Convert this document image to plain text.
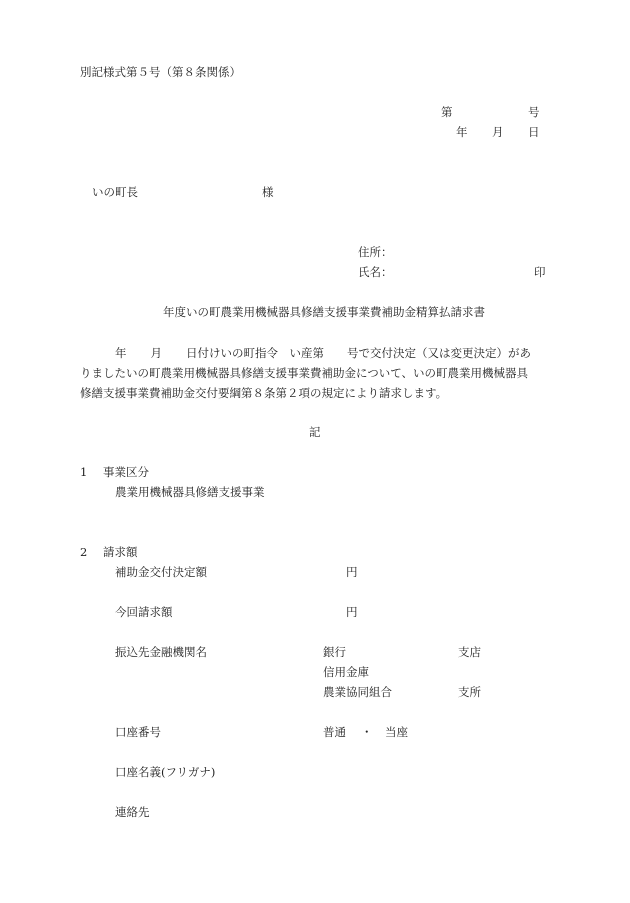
別記様式第５号（第８条関係）
第	号
年 月 日
いの町長	様
住所：
氏名：	印
年度いの町農業用機械器具修繕支援事業費補助金精算払請求書
年 月 日付けいの町指令　い産第　　号で交付決定（又は変更決定）があ
りましたいの町農業用機械器具修繕支援事業費補助金について、いの町農業用機械器具
修繕支援事業費補助金交付要綱第８条第２項の規定により請求します。
記
1 事業区分
農業用機械器具修繕支援事業
2 請求額
補助金交付決定額	円
今回請求額	円
振込先金融機関名	銀行	支店
信用金庫
農業協同組合	支所
口座番号	普通 ・ 当座
口座名義(フリガナ)
連絡先
